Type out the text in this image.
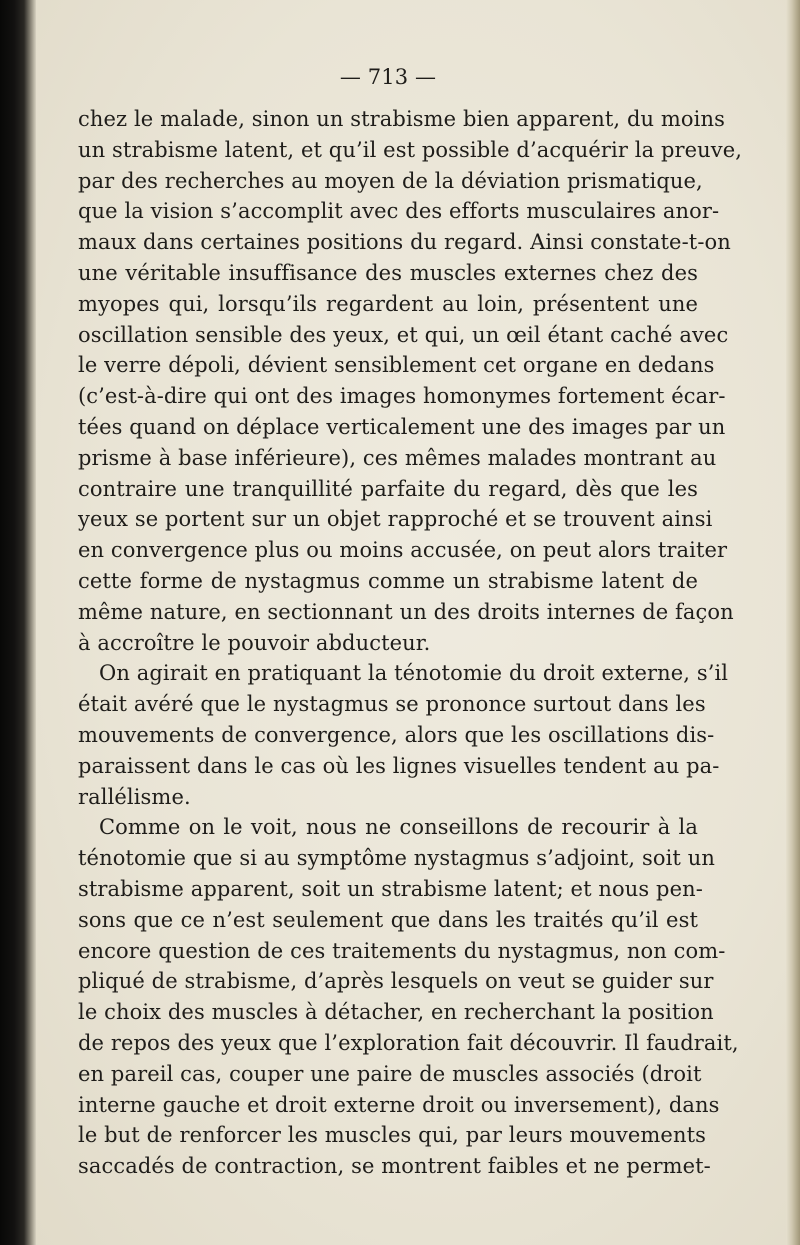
— 713 —
chez le malade, sinon un strabisme bien apparent, du moins
un strabisme latent, et qu’il est possible d’acquérir la preuve,
par des recherches au moyen de la déviation prismatique,
que la vision s’accomplit avec des efforts musculaires anor-
maux dans certaines positions du regard. Ainsi constate-t-on
une véritable insuffisance des muscles externes chez des
myopes qui, lorsqu’ils regardent au loin, présentent une
oscillation sensible des yeux, et qui, un œil étant caché avec
le verre dépoli, dévient sensiblement cet organe en dedans
(c’est-à-dire qui ont des images homonymes fortement écar-
tées quand on déplace verticalement une des images par un
prisme à base inférieure), ces mêmes malades montrant au
contraire une tranquillité parfaite du regard, dès que les
yeux se portent sur un objet rapproché et se trouvent ainsi
en convergence plus ou moins accusée, on peut alors traiter
cette forme de nystagmus comme un strabisme latent de
même nature, en sectionnant un des droits internes de façon
à accroître le pouvoir abducteur.
On agirait en pratiquant la ténotomie du droit externe, s’il
était avéré que le nystagmus se prononce surtout dans les
mouvements de convergence, alors que les oscillations dis-
paraissent dans le cas où les lignes visuelles tendent au pa-
rallélisme.
Comme on le voit, nous ne conseillons de recourir à la
ténotomie que si au symptôme nystagmus s’adjoint, soit un
strabisme apparent, soit un strabisme latent; et nous pen-
sons que ce n’est seulement que dans les traités qu’il est
encore question de ces traitements du nystagmus, non com-
pliqué de strabisme, d’après lesquels on veut se guider sur
le choix des muscles à détacher, en recherchant la position
de repos des yeux que l’exploration fait découvrir. Il faudrait,
en pareil cas, couper une paire de muscles associés (droit
interne gauche et droit externe droit ou inversement), dans
le but de renforcer les muscles qui, par leurs mouvements
saccadés de contraction, se montrent faibles et ne permet-
